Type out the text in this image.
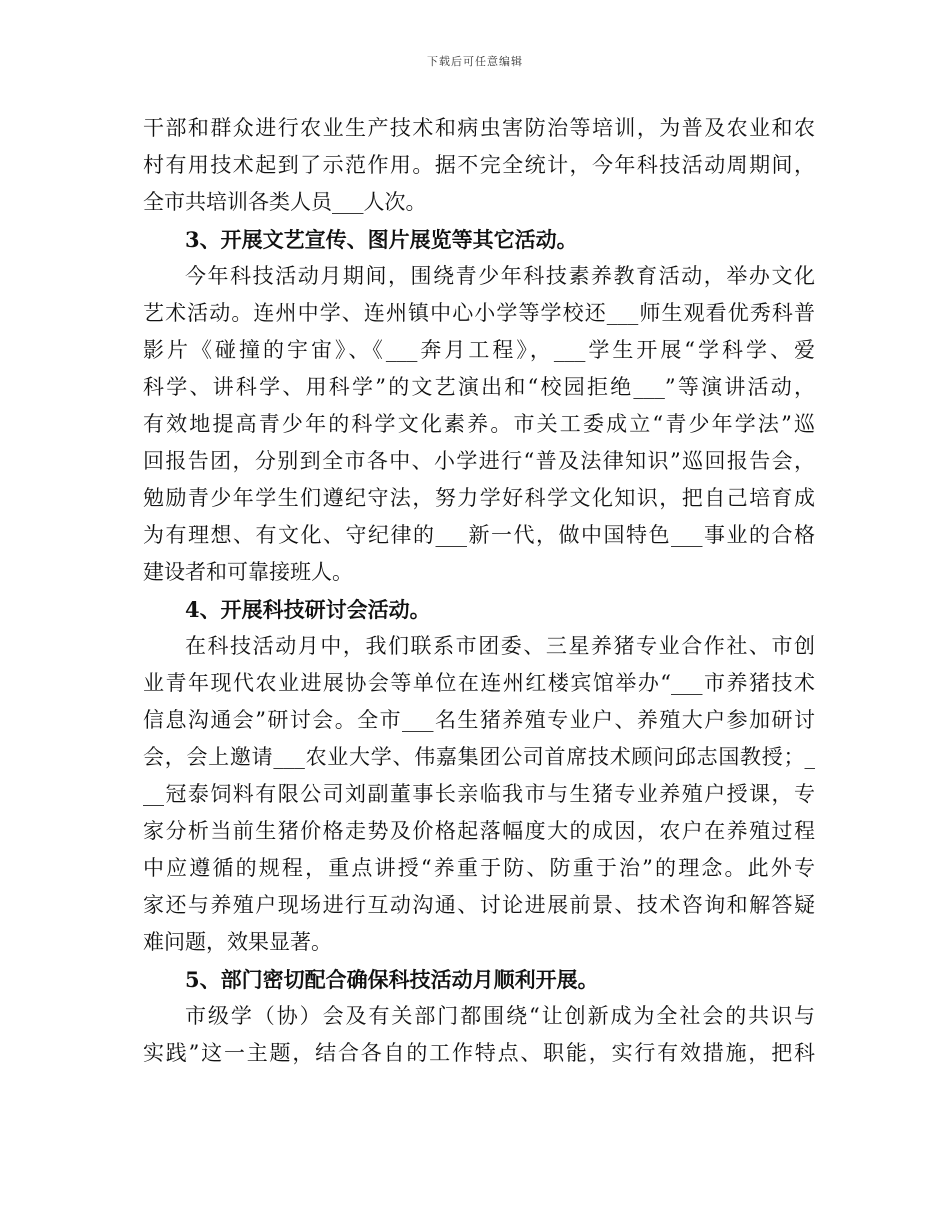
下载后可任意编辑
干部和群众进行农业生产技术和病虫害防治等培训，为普及农业和农
村有用技术起到了示范作用。据不完全统计，今年科技活动周期间，
全市共培训各类人员___人次。
3、开展文艺宣传、图片展览等其它活动。
今年科技活动月期间，围绕青少年科技素养教育活动，举办文化
艺术活动。连州中学、连州镇中心小学等学校还___师生观看优秀科普
影片《碰撞的宇宙》、《___奔月工程》，___学生开展“学科学、爱
科学、讲科学、用科学”的文艺演出和“校园拒绝___”等演讲活动，
有效地提高青少年的科学文化素养。市关工委成立“青少年学法”巡
回报告团，分别到全市各中、小学进行“普及法律知识”巡回报告会，
勉励青少年学生们遵纪守法，努力学好科学文化知识，把自己培育成
为有理想、有文化、守纪律的___新一代，做中国特色___事业的合格
建设者和可靠接班人。
4、开展科技研讨会活动。
在科技活动月中，我们联系市团委、三星养猪专业合作社、市创
业青年现代农业进展协会等单位在连州红楼宾馆举办“___市养猪技术
信息沟通会”研讨会。全市___名生猪养殖专业户、养殖大户参加研讨
会，会上邀请___农业大学、伟嘉集团公司首席技术顾问邱志国教授；_
__冠泰饲料有限公司刘副董事长亲临我市与生猪专业养殖户授课，专
家分析当前生猪价格走势及价格起落幅度大的成因，农户在养殖过程
中应遵循的规程，重点讲授“养重于防、防重于治”的理念。此外专
家还与养殖户现场进行互动沟通、讨论进展前景、技术咨询和解答疑
难问题，效果显著。
5、部门密切配合确保科技活动月顺利开展。
市级学（协）会及有关部门都围绕“让创新成为全社会的共识与
实践”这一主题，结合各自的工作特点、职能，实行有效措施，把科
